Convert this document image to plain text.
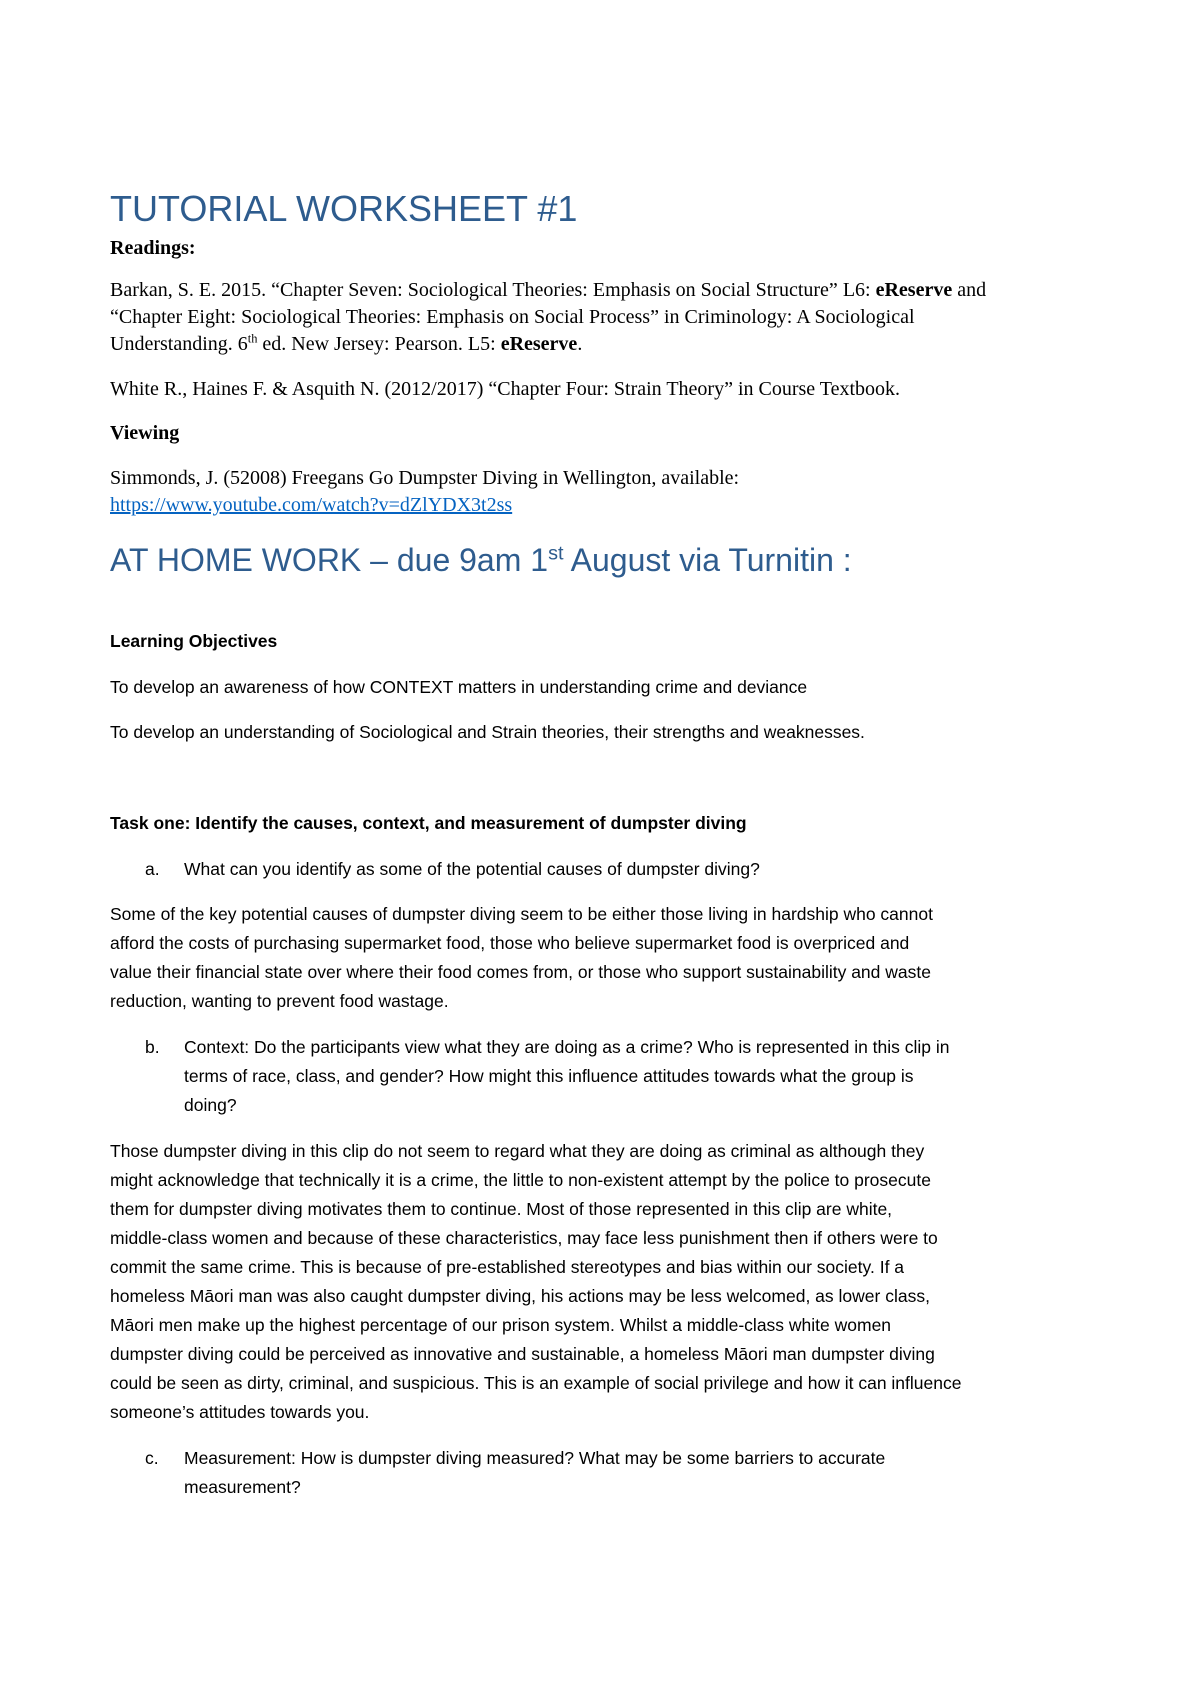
TUTORIAL WORKSHEET #1
Readings:
Barkan, S. E. 2015. “Chapter Seven: Sociological Theories: Emphasis on Social Structure” L6: eReserve and
“Chapter Eight: Sociological Theories: Emphasis on Social Process” in Criminology: A Sociological
Understanding. 6th ed. New Jersey: Pearson. L5: eReserve.
White R., Haines F. & Asquith N. (2012/2017) “Chapter Four: Strain Theory” in Course Textbook.
Viewing
Simmonds, J. (52008) Freegans Go Dumpster Diving in Wellington, available:
https://www.youtube.com/watch?v=dZlYDX3t2ss
AT HOME WORK – due 9am 1st August via Turnitin :
Learning Objectives
To develop an awareness of how CONTEXT matters in understanding crime and deviance
To develop an understanding of Sociological and Strain theories, their strengths and weaknesses.
Task one: Identify the causes, context, and measurement of dumpster diving
a. What can you identify as some of the potential causes of dumpster diving?
Some of the key potential causes of dumpster diving seem to be either those living in hardship who cannot
afford the costs of purchasing supermarket food, those who believe supermarket food is overpriced and
value their financial state over where their food comes from, or those who support sustainability and waste
reduction, wanting to prevent food wastage.
b. Context: Do the participants view what they are doing as a crime? Who is represented in this clip in
terms of race, class, and gender? How might this influence attitudes towards what the group is
doing?
Those dumpster diving in this clip do not seem to regard what they are doing as criminal as although they
might acknowledge that technically it is a crime, the little to non-existent attempt by the police to prosecute
them for dumpster diving motivates them to continue. Most of those represented in this clip are white,
middle-class women and because of these characteristics, may face less punishment then if others were to
commit the same crime. This is because of pre-established stereotypes and bias within our society. If a
homeless Māori man was also caught dumpster diving, his actions may be less welcomed, as lower class,
Māori men make up the highest percentage of our prison system. Whilst a middle-class white women
dumpster diving could be perceived as innovative and sustainable, a homeless Māori man dumpster diving
could be seen as dirty, criminal, and suspicious. This is an example of social privilege and how it can influence
someone’s attitudes towards you.
c. Measurement: How is dumpster diving measured? What may be some barriers to accurate
measurement?
